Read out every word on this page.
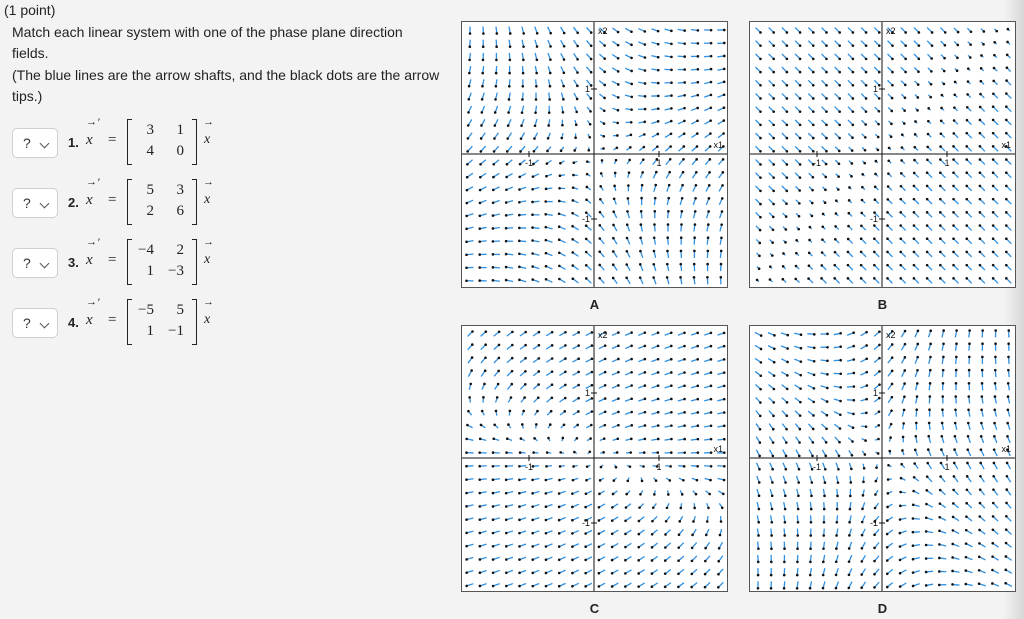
(1 point)

Match each linear system with one of the phase plane direction fields.

(The blue lines are the arrow shafts, and the black dots are the arrow tips.)

?	1.
→ ′
x =
3	1
4	0
→
x
?	2.
→ ′
x =
5	3
2	6
→
x
?	3.
→ ′
x =
−4	2
1 −3
→
x
?	4.
→ ′
x =
−5	5
1 −1
→
x
1
-1
1
-1
x1
x2
A
1
-1
1
-1
x1
x2
B
1
-1
1
-1
x1
x2
C
1
-1
1
-1
x1
x2
D
